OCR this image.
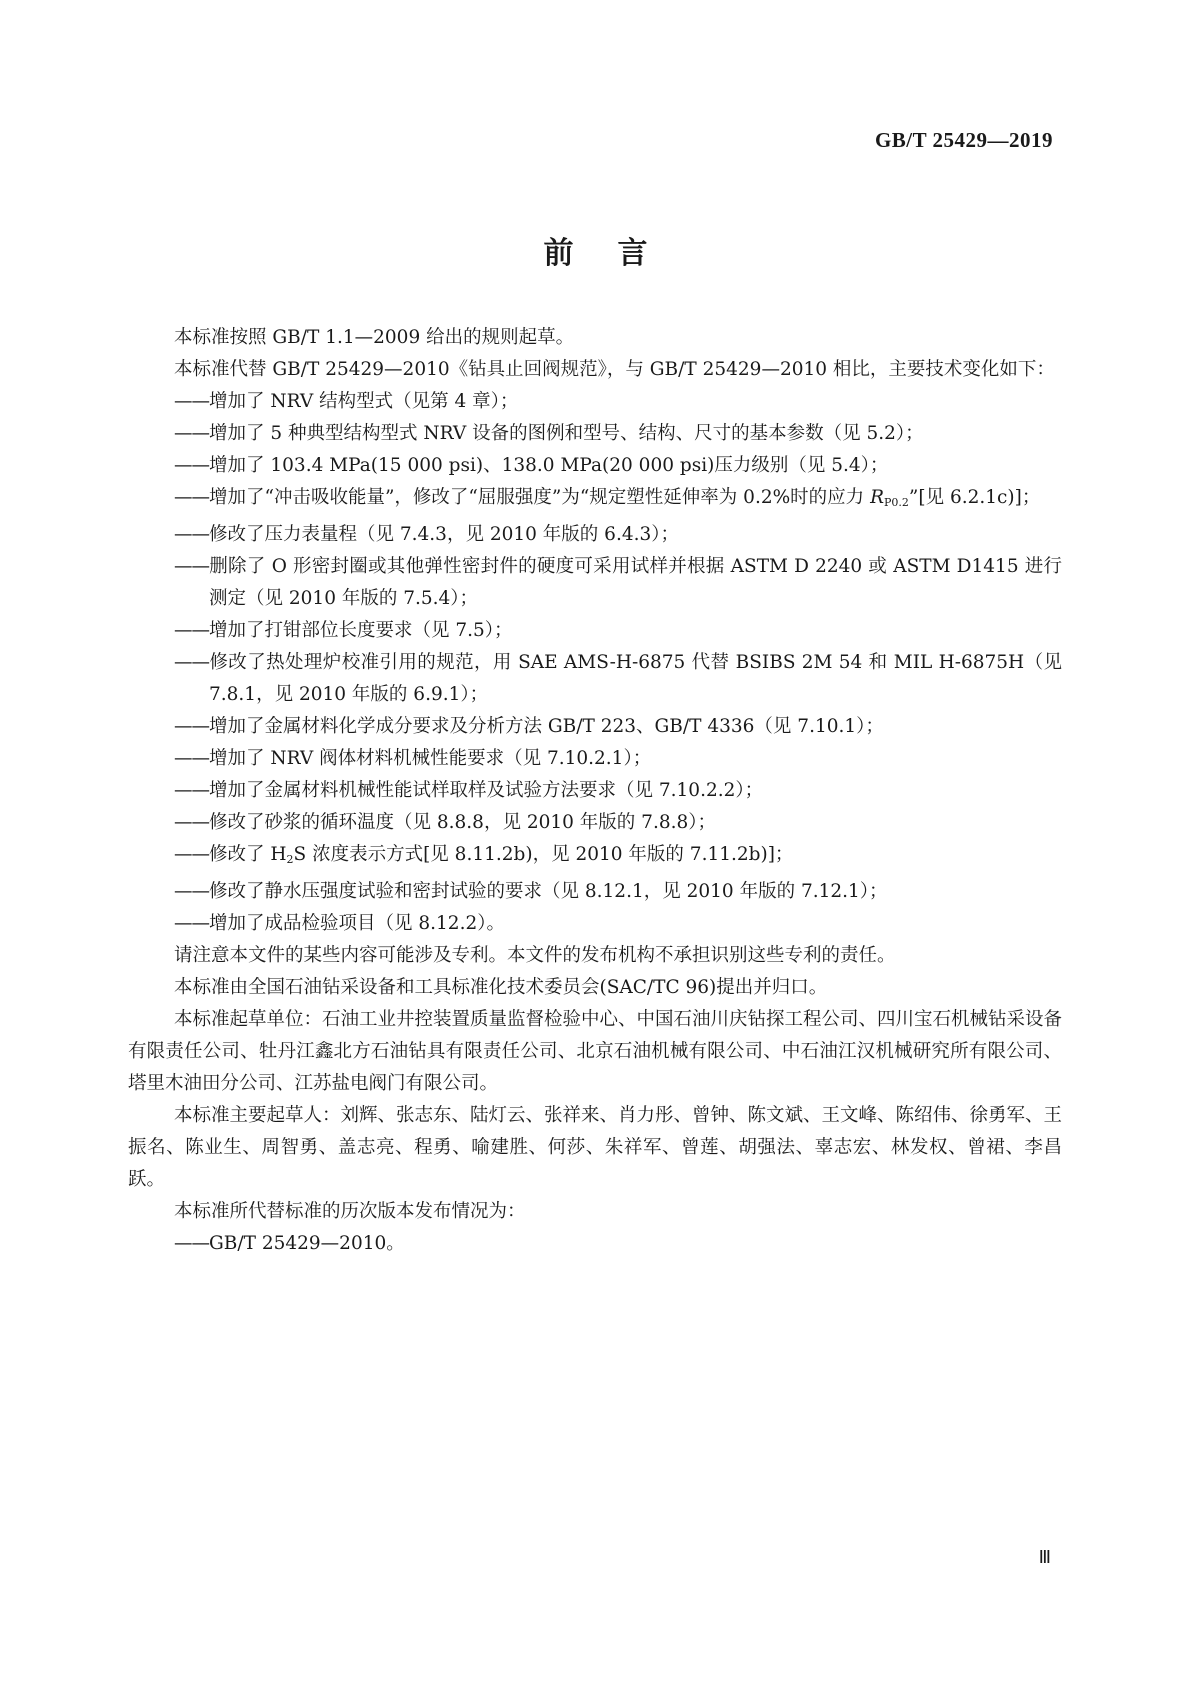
GB/T 25429—2019
前言

本标准按照 GB/T 1.1—2009 给出的规则起草。

本标准代替 GB/T 25429—2010《钻具止回阀规范》，与 GB/T 25429—2010 相比，主要技术变化如下：

——增加了 NRV 结构型式（见第 4 章）；

——增加了 5 种典型结构型式 NRV 设备的图例和型号、结构、尺寸的基本参数（见 5.2）；

——增加了 103.4 MPa(15 000 psi)、138.0 MPa(20 000 psi)压力级别（见 5.4）；

——增加了“冲击吸收能量”，修改了“屈服强度”为“规定塑性延伸率为 0.2%时的应力 $R_{P0.2}$”[见 6.2.1c)]；

——修改了压力表量程（见 7.4.3，见 2010 年版的 6.4.3）；

——删除了 O 形密封圈或其他弹性密封件的硬度可采用试样并根据 ASTM D 2240 或 ASTM D1415 进行测定（见 2010 年版的 7.5.4）；

——增加了打钳部位长度要求（见 7.5）；

——修改了热处理炉校准引用的规范，用 SAE AMS-H-6875 代替 BSIBS 2M 54 和 MIL H-6875H（见 7.8.1，见 2010 年版的 6.9.1）；

——增加了金属材料化学成分要求及分析方法 GB/T 223、GB/T 4336（见 7.10.1）；

——增加了 NRV 阀体材料机械性能要求（见 7.10.2.1）；

——增加了金属材料机械性能试样取样及试验方法要求（见 7.10.2.2）；

——修改了砂浆的循环温度（见 8.8.8，见 2010 年版的 7.8.8）；

——修改了 $H_2S$ 浓度表示方式[见 8.11.2b)，见 2010 年版的 7.11.2b)]；

——修改了静水压强度试验和密封试验的要求（见 8.12.1，见 2010 年版的 7.12.1）；

——增加了成品检验项目（见 8.12.2）。

请注意本文件的某些内容可能涉及专利。本文件的发布机构不承担识别这些专利的责任。

本标准由全国石油钻采设备和工具标准化技术委员会(SAC/TC 96)提出并归口。

本标准起草单位：石油工业井控装置质量监督检验中心、中国石油川庆钻探工程公司、四川宝石机械钻采设备有限责任公司、牡丹江鑫北方石油钻具有限责任公司、北京石油机械有限公司、中石油江汉机械研究所有限公司、塔里木油田分公司、江苏盐电阀门有限公司。

本标准主要起草人：刘辉、张志东、陆灯云、张祥来、肖力彤、曾钟、陈文斌、王文峰、陈绍伟、徐勇军、王振名、陈业生、周智勇、盖志亮、程勇、喻建胜、何莎、朱祥军、曾莲、胡强法、辜志宏、林发权、曾裙、李昌跃。

本标准所代替标准的历次版本发布情况为：

——GB/T 25429—2010。

Ⅲ
